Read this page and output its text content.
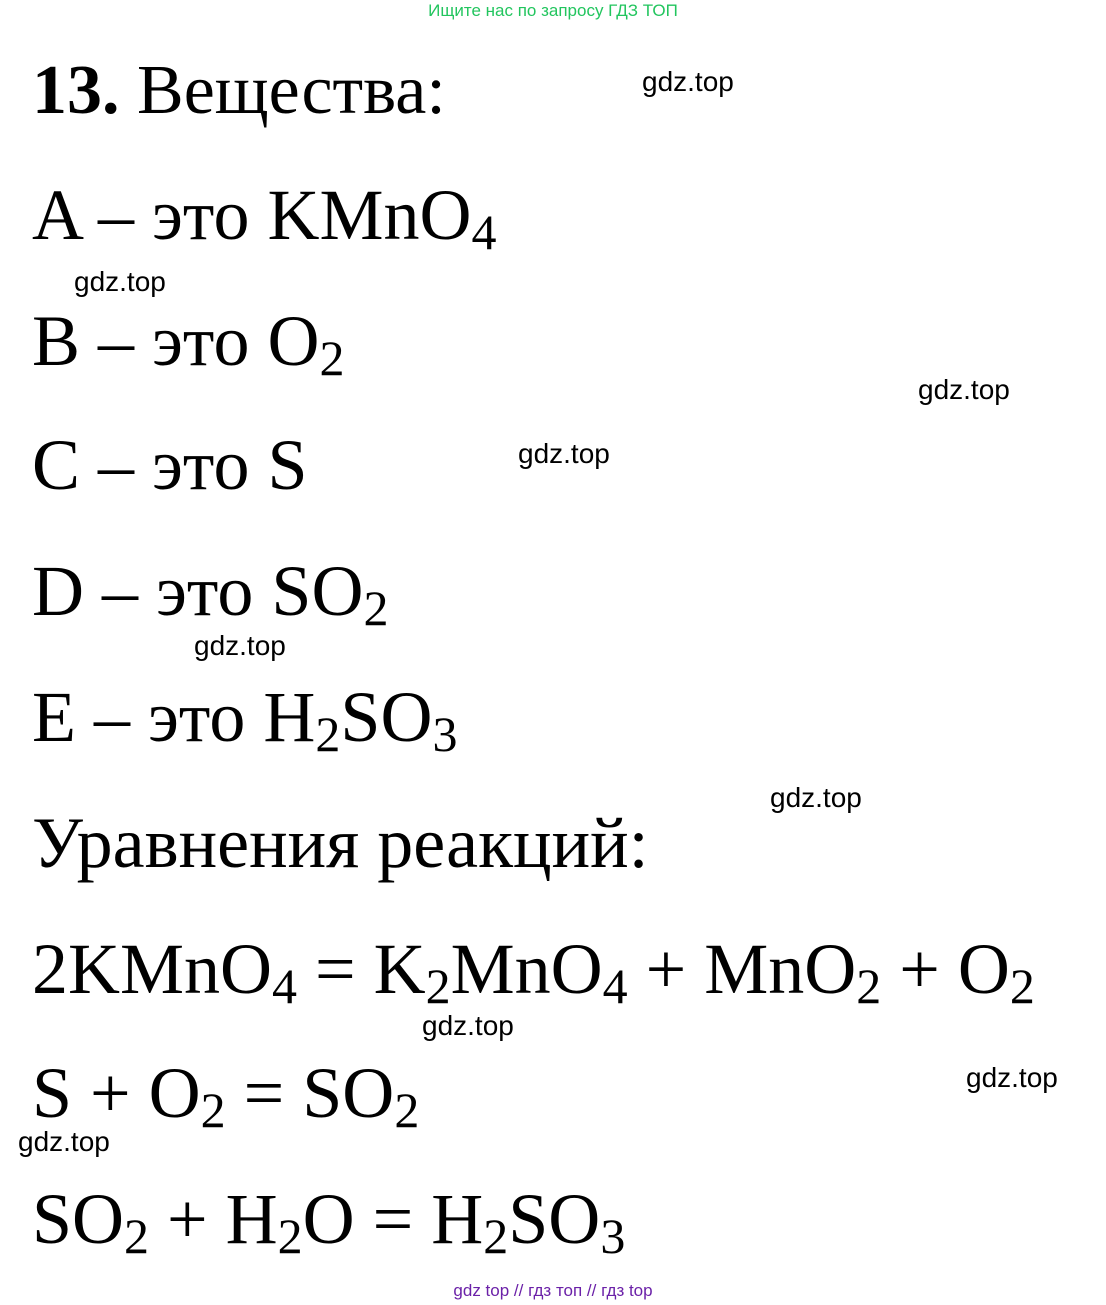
Ищите нас по запросу ГДЗ ТОП
13. Вещества:
A – это KMnO$_4$
B – это $O_2$
C – это S
D – это $SO_2$
E – это $H_2SO_3$
Уравнения реакций:
2KMnO$_4$ = $K_2MnO_4 + MnO_2 + O_2$
$S + O_2 = SO_2$
$SO_2 + H_2O = H_2SO_3$
gdz.top
gdz.top
gdz.top
gdz.top
gdz.top
gdz.top
gdz.top
gdz.top
gdz.top
gdz top // гдз топ // гдз top
